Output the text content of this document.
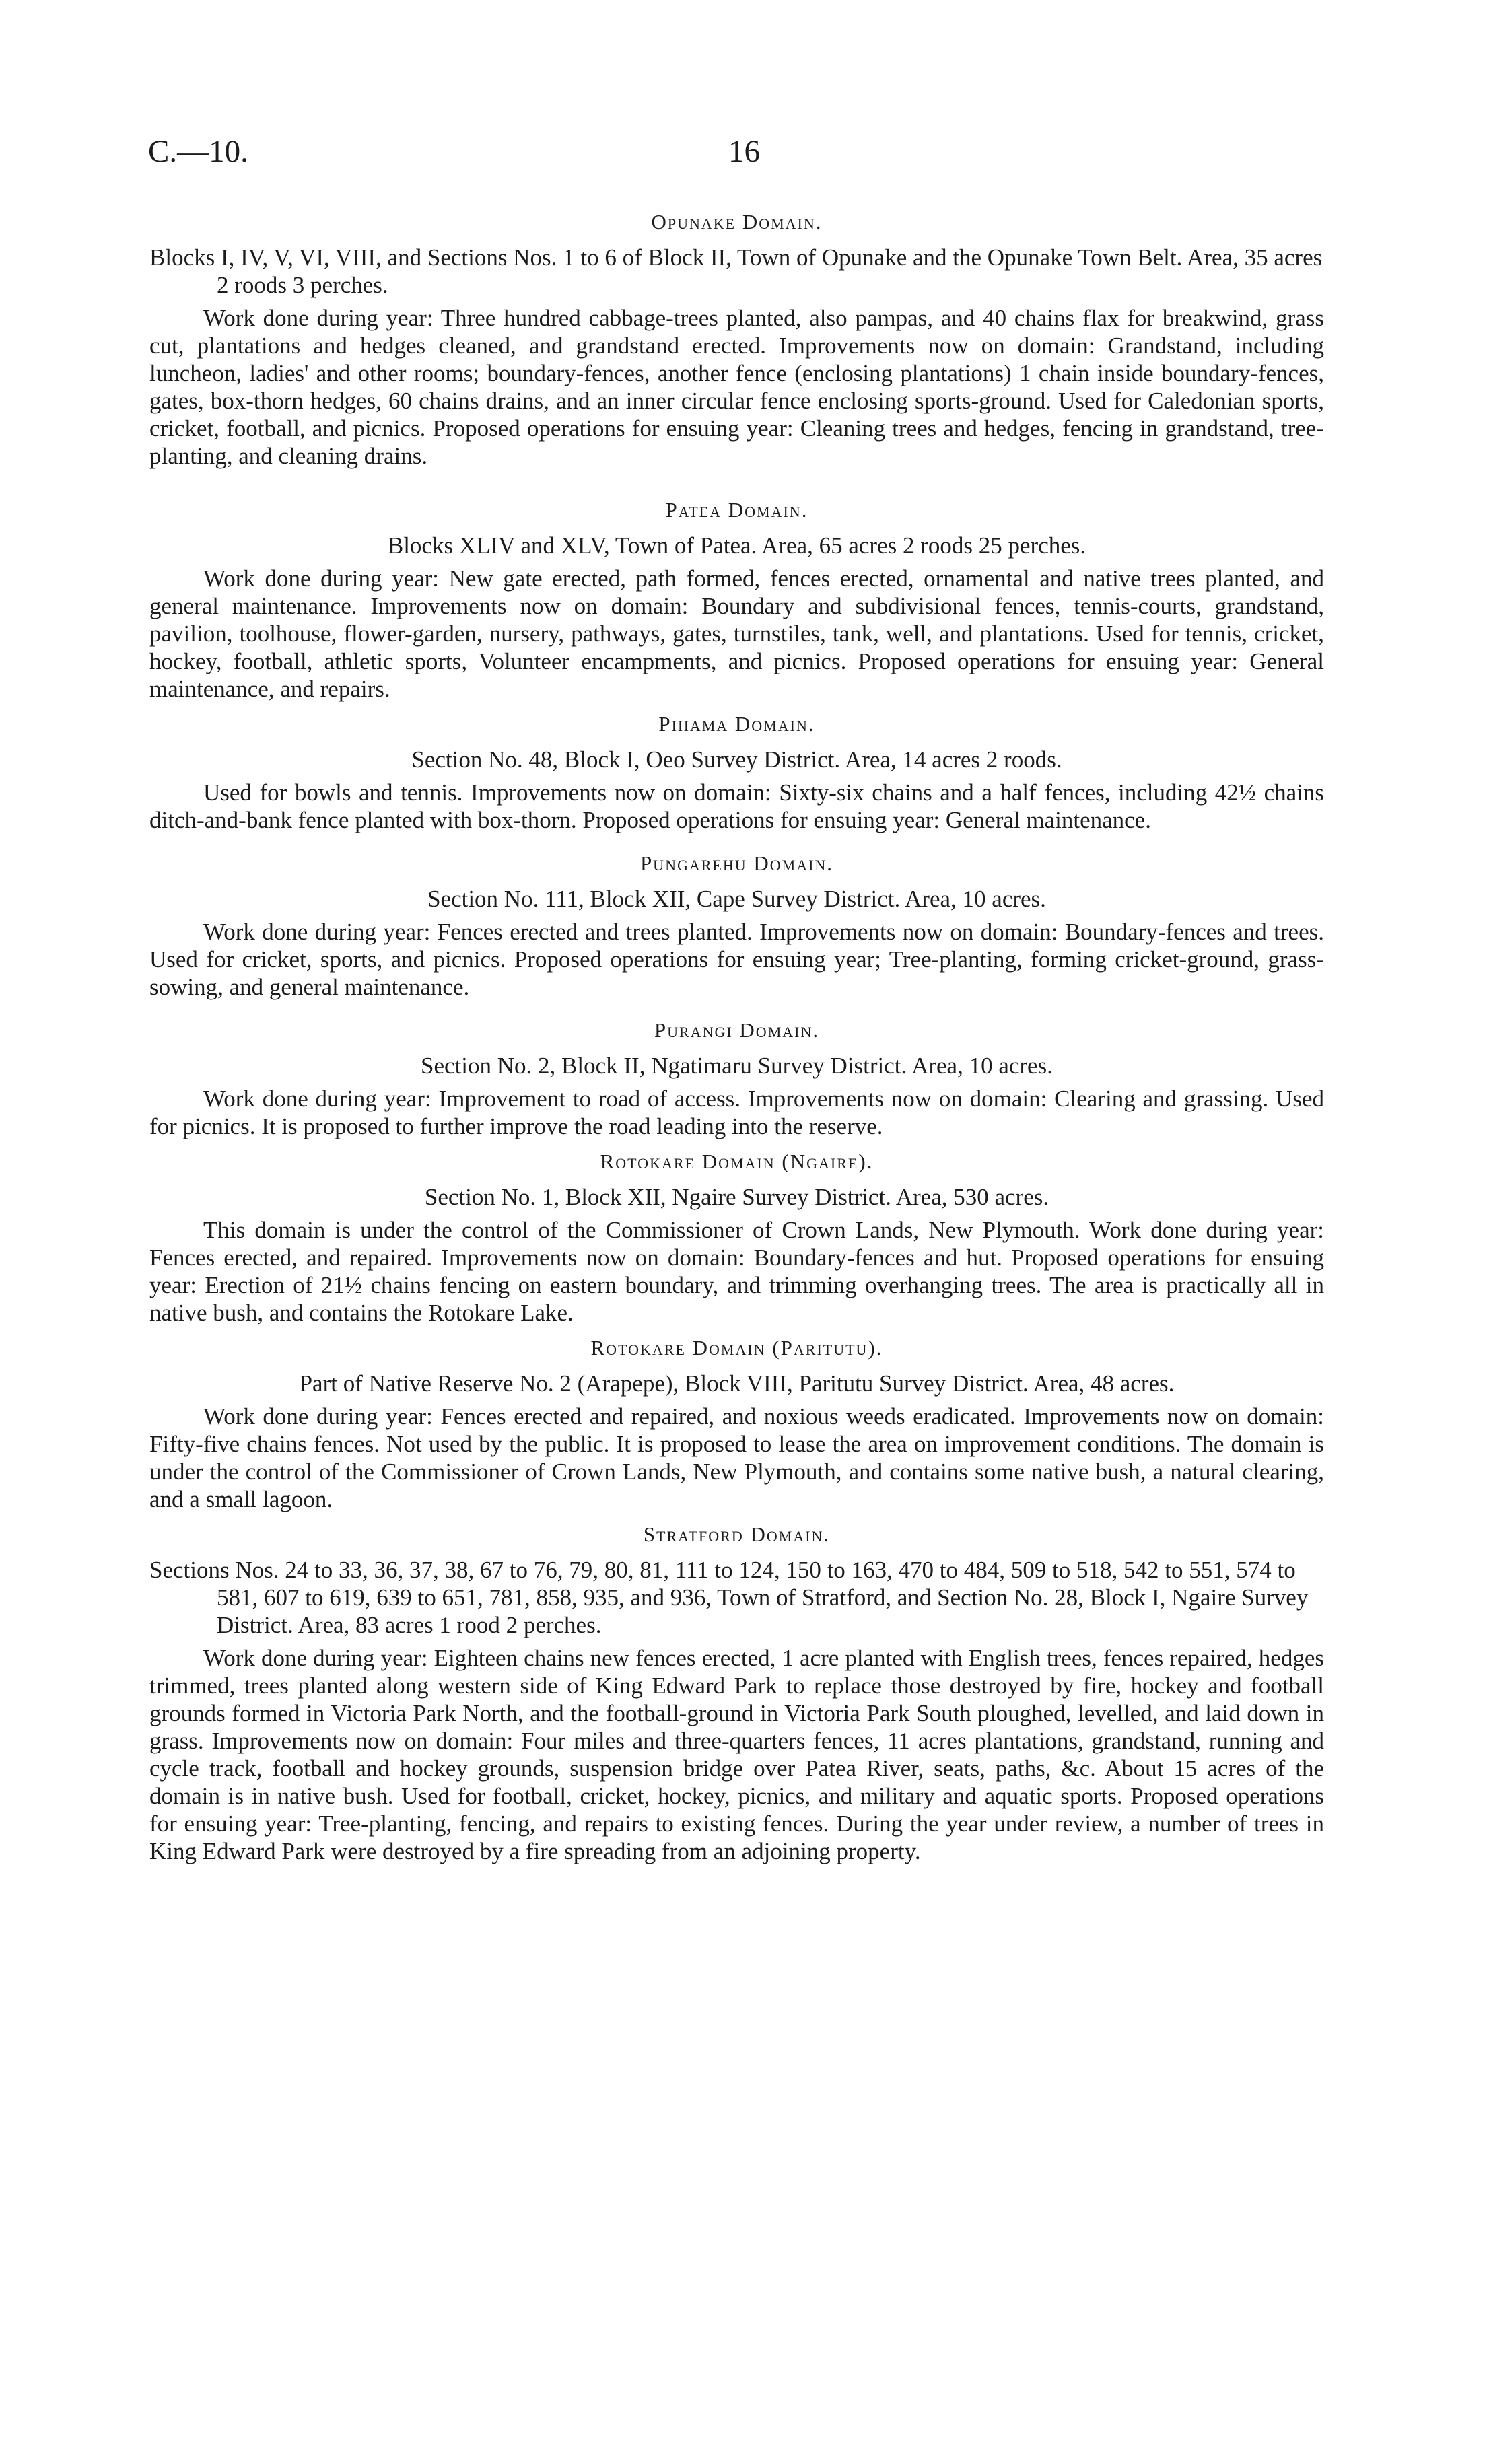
C.—10.	16
Opunake Domain.

Blocks I, IV, V, VI, VIII, and Sections Nos. 1 to 6 of Block II, Town of Opunake and the Opunake Town Belt. Area, 35 acres 2 roods 3 perches.

Work done during year: Three hundred cabbage-trees planted, also pampas, and 40 chains flax for breakwind, grass cut, plantations and hedges cleaned, and grandstand erected. Improvements now on domain: Grandstand, including luncheon, ladies' and other rooms; boundary-fences, another fence (enclosing plantations) 1 chain inside boundary-fences, gates, box-thorn hedges, 60 chains drains, and an inner circular fence enclosing sports-ground. Used for Caledonian sports, cricket, football, and picnics. Proposed operations for ensuing year: Cleaning trees and hedges, fencing in grandstand, tree-planting, and cleaning drains.

Patea Domain.

Blocks XLIV and XLV, Town of Patea. Area, 65 acres 2 roods 25 perches.

Work done during year: New gate erected, path formed, fences erected, ornamental and native trees planted, and general maintenance. Improvements now on domain: Boundary and subdivisional fences, tennis-courts, grandstand, pavilion, toolhouse, flower-garden, nursery, pathways, gates, turnstiles, tank, well, and plantations. Used for tennis, cricket, hockey, football, athletic sports, Volunteer encampments, and picnics. Proposed operations for ensuing year: General maintenance, and repairs.

Pihama Domain.

Section No. 48, Block I, Oeo Survey District. Area, 14 acres 2 roods.

Used for bowls and tennis. Improvements now on domain: Sixty-six chains and a half fences, including 42½ chains ditch-and-bank fence planted with box-thorn. Proposed operations for ensuing year: General maintenance.

Pungarehu Domain.

Section No. 111, Block XII, Cape Survey District. Area, 10 acres.

Work done during year: Fences erected and trees planted. Improvements now on domain: Boundary-fences and trees. Used for cricket, sports, and picnics. Proposed operations for ensuing year; Tree-planting, forming cricket-ground, grass-sowing, and general maintenance.

Purangi Domain.

Section No. 2, Block II, Ngatimaru Survey District. Area, 10 acres.

Work done during year: Improvement to road of access. Improvements now on domain: Clearing and grassing. Used for picnics. It is proposed to further improve the road leading into the reserve.

Rotokare Domain (Ngaire).

Section No. 1, Block XII, Ngaire Survey District. Area, 530 acres.

This domain is under the control of the Commissioner of Crown Lands, New Plymouth. Work done during year: Fences erected, and repaired. Improvements now on domain: Boundary-fences and hut. Proposed operations for ensuing year: Erection of 21½ chains fencing on eastern boundary, and trimming overhanging trees. The area is practically all in native bush, and contains the Rotokare Lake.

Rotokare Domain (Paritutu).

Part of Native Reserve No. 2 (Arapepe), Block VIII, Paritutu Survey District. Area, 48 acres.

Work done during year: Fences erected and repaired, and noxious weeds eradicated. Improvements now on domain: Fifty-five chains fences. Not used by the public. It is proposed to lease the area on improvement conditions. The domain is under the control of the Commissioner of Crown Lands, New Plymouth, and contains some native bush, a natural clearing, and a small lagoon.

Stratford Domain.

Sections Nos. 24 to 33, 36, 37, 38, 67 to 76, 79, 80, 81, 111 to 124, 150 to 163, 470 to 484, 509 to 518, 542 to 551, 574 to 581, 607 to 619, 639 to 651, 781, 858, 935, and 936, Town of Stratford, and Section No. 28, Block I, Ngaire Survey District. Area, 83 acres 1 rood 2 perches.

Work done during year: Eighteen chains new fences erected, 1 acre planted with English trees, fences repaired, hedges trimmed, trees planted along western side of King Edward Park to replace those destroyed by fire, hockey and football grounds formed in Victoria Park North, and the football-ground in Victoria Park South ploughed, levelled, and laid down in grass. Improvements now on domain: Four miles and three-quarters fences, 11 acres plantations, grandstand, running and cycle track, football and hockey grounds, suspension bridge over Patea River, seats, paths, &c. About 15 acres of the domain is in native bush. Used for football, cricket, hockey, picnics, and military and aquatic sports. Proposed operations for ensuing year: Tree-planting, fencing, and repairs to existing fences. During the year under review, a number of trees in King Edward Park were destroyed by a fire spreading from an adjoining property.
